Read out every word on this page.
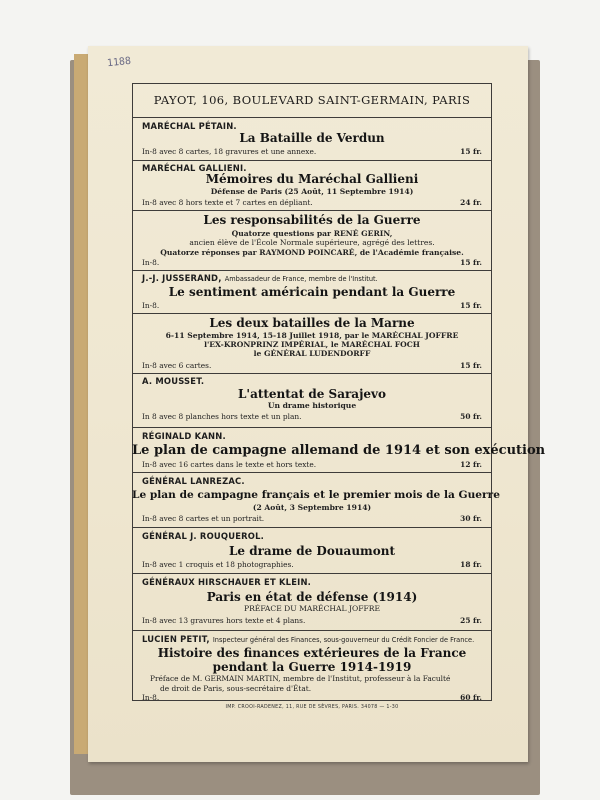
1188
PAYOT, 106, BOULEVARD SAINT-GERMAIN, PARIS
MARÉCHAL PÉTAIN.
La Bataille de Verdun
In-8 avec 8 cartes, 18 gravures et une annexe.	15 fr.
MARÉCHAL GALLIENI.
Mémoires du Maréchal Gallieni
Défense de Paris (25 Août, 11 Septembre 1914)
In-8 avec 8 hors texte et 7 cartes en dépliant.	24 fr.
Les responsabilités de la Guerre
Quatorze questions par RENÉ GERIN,
ancien élève de l'École Normale supérieure, agrégé des lettres.
Quatorze réponses par RAYMOND POINCARÉ, de l'Académie française.
In-8.	15 fr.
J.-J. JUSSERAND, Ambassadeur de France, membre de l'Institut.
Le sentiment américain pendant la Guerre
In-8.	15 fr.
Les deux batailles de la Marne
6-11 Septembre 1914, 15-18 Juillet 1918, par le MARÉCHAL JOFFRE
l'EX-KRONPRINZ IMPÉRIAL, le MARÉCHAL FOCH
le GÉNÉRAL LUDENDORFF
In-8 avec 6 cartes.	15 fr.
A. MOUSSET.
L'attentat de Sarajevo
Un drame historique
In 8 avec 8 planches hors texte et un plan.	50 fr.
RÉGINALD KANN.
Le plan de campagne allemand de 1914 et son exécution
In-8 avec 16 cartes dans le texte et hors texte.	12 fr.
GÉNÉRAL LANREZAC.
Le plan de campagne français et le premier mois de la Guerre
(2 Août, 3 Septembre 1914)
In-8 avec 8 cartes et un portrait.	30 fr.
GÉNÉRAL J. ROUQUEROL.
Le drame de Douaumont
In-8 avec 1 croquis et 18 photographies.	18 fr.
GÉNÉRAUX HIRSCHAUER ET KLEIN.
Paris en état de défense (1914)
PRÉFACE DU MARÉCHAL JOFFRE
In-8 avec 13 gravures hors texte et 4 plans.	25 fr.
LUCIEN PETIT, Inspecteur général des Finances, sous-gouverneur du Crédit Foncier de France.
Histoire des finances extérieures de la France
pendant la Guerre 1914-1919
Préface de M. GERMAIN MARTIN, membre de l'Institut, professeur à la Faculté
de droit de Paris, sous-secrétaire d'État.
In-8.	60 fr.
IMP. CROOI-RADENEZ, 11, RUE DE SÈVRES, PARIS. 34078 — 1-30
